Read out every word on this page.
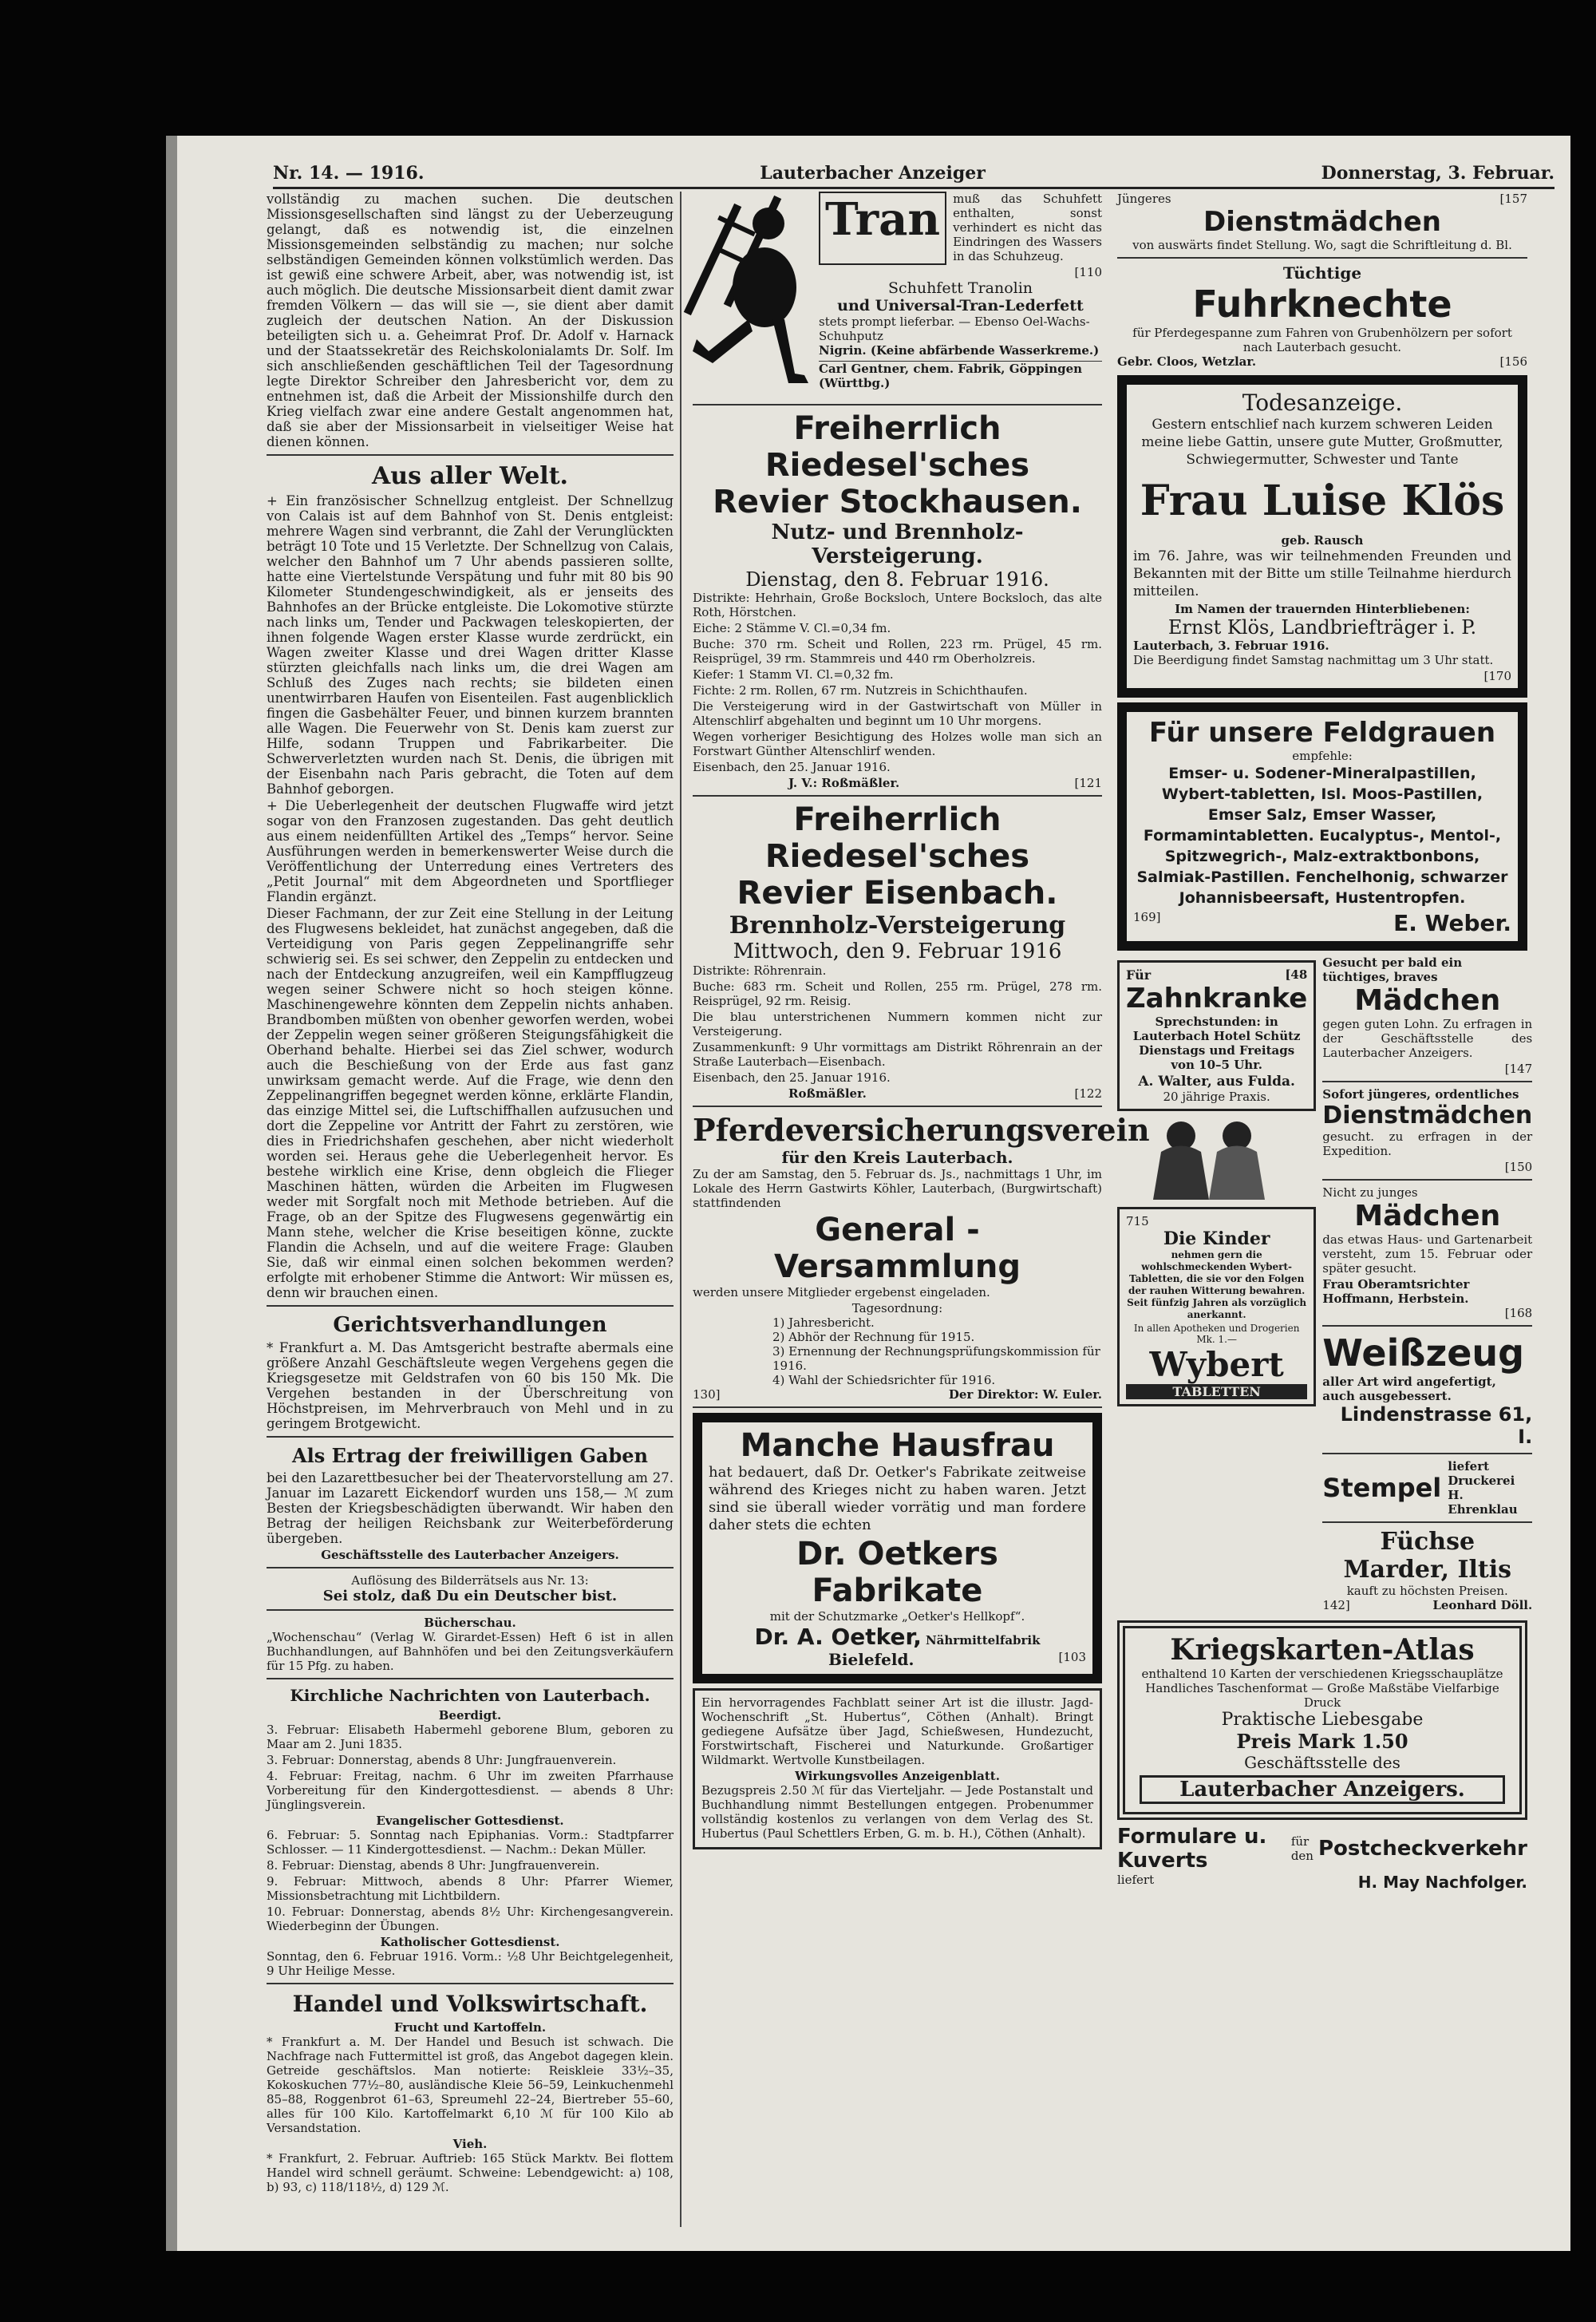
Nr. 14. — 1916.	Lauterbacher Anzeiger	Donnerstag, 3. Februar.

vollständig zu machen suchen. Die deutschen Missionsgesellschaften sind längst zu der Ueberzeugung gelangt, daß es notwendig ist, die einzelnen Missionsgemeinden selbständig zu machen; nur solche selbständigen Gemeinden können volkstümlich werden. Das ist gewiß eine schwere Arbeit, aber, was notwendig ist, ist auch möglich. Die deutsche Missionsarbeit dient damit zwar fremden Völkern — das will sie —, sie dient aber damit zugleich der deutschen Nation. An der Diskussion beteiligten sich u. a. Geheimrat Prof. Dr. Adolf v. Harnack und der Staatssekretär des Reichskolonialamts Dr. Solf. Im sich anschließenden geschäftlichen Teil der Tagesordnung legte Direktor Schreiber den Jahresbericht vor, dem zu entnehmen ist, daß die Arbeit der Missionshilfe durch den Krieg vielfach zwar eine andere Gestalt angenommen hat, daß sie aber der Missionsarbeit in vielseitiger Weise hat dienen können.

Aus aller Welt.

+ Ein französischer Schnellzug entgleist. Der Schnellzug von Calais ist auf dem Bahnhof von St. Denis entgleist: mehrere Wagen sind verbrannt, die Zahl der Verunglückten beträgt 10 Tote und 15 Verletzte. Der Schnellzug von Calais, welcher den Bahnhof um 7 Uhr abends passieren sollte, hatte eine Viertelstunde Verspätung und fuhr mit 80 bis 90 Kilometer Stundengeschwindigkeit, als er jenseits des Bahnhofes an der Brücke entgleiste. Die Lokomotive stürzte nach links um, Tender und Packwagen teleskopierten, der ihnen folgende Wagen erster Klasse wurde zerdrückt, ein Wagen zweiter Klasse und drei Wagen dritter Klasse stürzten gleichfalls nach links um, die drei Wagen am Schluß des Zuges nach rechts; sie bildeten einen unentwirrbaren Haufen von Eisenteilen. Fast augenblicklich fingen die Gasbehälter Feuer, und binnen kurzem brannten alle Wagen. Die Feuerwehr von St. Denis kam zuerst zur Hilfe, sodann Truppen und Fabrikarbeiter. Die Schwerverletzten wurden nach St. Denis, die übrigen mit der Eisenbahn nach Paris gebracht, die Toten auf dem Bahnhof geborgen.

+ Die Ueberlegenheit der deutschen Flugwaffe wird jetzt sogar von den Franzosen zugestanden. Das geht deutlich aus einem neidenfüllten Artikel des „Temps“ hervor. Seine Ausführungen werden in bemerkenswerter Weise durch die Veröffentlichung der Unterredung eines Vertreters des „Petit Journal“ mit dem Abgeordneten und Sportflieger Flandin ergänzt.

Dieser Fachmann, der zur Zeit eine Stellung in der Leitung des Flugwesens bekleidet, hat zunächst angegeben, daß die Verteidigung von Paris gegen Zeppelinangriffe sehr schwierig sei. Es sei schwer, den Zeppelin zu entdecken und nach der Entdeckung anzugreifen, weil ein Kampfflugzeug wegen seiner Schwere nicht so hoch steigen könne. Maschinengewehre könnten dem Zeppelin nichts anhaben. Brandbomben müßten von obenher geworfen werden, wobei der Zeppelin wegen seiner größeren Steigungsfähigkeit die Oberhand behalte. Hierbei sei das Ziel schwer, wodurch auch die Beschießung von der Erde aus fast ganz unwirksam gemacht werde. Auf die Frage, wie denn den Zeppelinangriffen begegnet werden könne, erklärte Flandin, das einzige Mittel sei, die Luftschiffhallen aufzusuchen und dort die Zeppeline vor Antritt der Fahrt zu zerstören, wie dies in Friedrichshafen geschehen, aber nicht wiederholt worden sei. Heraus gehe die Ueberlegenheit hervor. Es bestehe wirklich eine Krise, denn obgleich die Flieger Maschinen hätten, würden die Arbeiten im Flugwesen weder mit Sorgfalt noch mit Methode betrieben. Auf die Frage, ob an der Spitze des Flugwesens gegenwärtig ein Mann stehe, welcher die Krise beseitigen könne, zuckte Flandin die Achseln, und auf die weitere Frage: Glauben Sie, daß wir einmal einen solchen bekommen werden? erfolgte mit erhobener Stimme die Antwort: Wir müssen es, denn wir brauchen einen.

Gerichtsverhandlungen

* Frankfurt a. M. Das Amtsgericht bestrafte abermals eine größere Anzahl Geschäftsleute wegen Vergehens gegen die Kriegsgesetze mit Geldstrafen von 60 bis 150 Mk. Die Vergehen bestanden in der Überschreitung von Höchstpreisen, im Mehrverbrauch von Mehl und in zu geringem Brotgewicht.

Als Ertrag der freiwilligen Gaben

bei den Lazarettbesucher bei der Theatervorstellung am 27. Januar im Lazarett Eickendorf wurden uns 158,— ℳ zum Besten der Kriegsbeschädigten überwandt. Wir haben den Betrag der heiligen Reichsbank zur Weiterbeförderung übergeben.

Geschäftsstelle des Lauterbacher Anzeigers.
Auflösung des Bilderrätsels aus Nr. 13:
Sei stolz, daß Du ein Deutscher bist.
Bücherschau.

„Wochenschau“ (Verlag W. Girardet-Essen) Heft 6 ist in allen Buchhandlungen, auf Bahnhöfen und bei den Zeitungsverkäufern für 15 Pfg. zu haben.

Kirchliche Nachrichten von Lauterbach.
Beerdigt.

3. Februar: Elisabeth Habermehl geborene Blum, geboren zu Maar am 2. Juni 1835.

3. Februar: Donnerstag, abends 8 Uhr: Jungfrauenverein.

4. Februar: Freitag, nachm. 6 Uhr im zweiten Pfarrhause Vorbereitung für den Kindergottesdienst. — abends 8 Uhr: Jünglingsverein.

Evangelischer Gottesdienst.

6. Februar: 5. Sonntag nach Epiphanias. Vorm.: Stadtpfarrer Schlosser. — 11 Kindergottesdienst. — Nachm.: Dekan Müller.

8. Februar: Dienstag, abends 8 Uhr: Jungfrauenverein.

9. Februar: Mittwoch, abends 8 Uhr: Pfarrer Wiemer, Missionsbetrachtung mit Lichtbildern.

10. Februar: Donnerstag, abends 8½ Uhr: Kirchengesangverein. Wiederbeginn der Übungen.

Katholischer Gottesdienst.

Sonntag, den 6. Februar 1916. Vorm.: ½8 Uhr Beichtgelegenheit, 9 Uhr Heilige Messe.

Handel und Volkswirtschaft.
Frucht und Kartoffeln.

* Frankfurt a. M. Der Handel und Besuch ist schwach. Die Nachfrage nach Futtermittel ist groß, das Angebot dagegen klein. Getreide geschäftslos. Man notierte: Reiskleie 33½–35, Kokoskuchen 77½–80, ausländische Kleie 56–59, Leinkuchenmehl 85–88, Roggenbrot 61–63, Spreumehl 22–24, Biertreber 55–60, alles für 100 Kilo. Kartoffelmarkt 6,10 ℳ für 100 Kilo ab Versandstation.

Vieh.

* Frankfurt, 2. Februar. Auftrieb: 165 Stück Marktv. Bei flottem Handel wird schnell geräumt. Schweine: Lebendgewicht: a) 108, b) 93, c) 118/118½, d) 129 ℳ.

Tran	muß das Schuhfett enthalten, sonst verhindert es nicht das Eindringen des Wassers in das Schuhzeug.
[110
Schuhfett Tranolin
und Universal-Tran-Lederfett
stets prompt lieferbar. — Ebenso Oel-Wachs-Schuhputz
Nigrin. (Keine abfärbende Wasserkreme.)
Carl Gentner, chem. Fabrik, Göppingen (Württbg.)
Freiherrlich Riedesel'sches
Revier Stockhausen.
Nutz- und Brennholz-Versteigerung.
Dienstag, den 8. Februar 1916.

Distrikte: Hehrhain, Große Bocksloch, Untere Bocksloch, das alte Roth, Hörstchen.

Eiche: 2 Stämme V. Cl.=0,34 fm.

Buche: 370 rm. Scheit und Rollen, 223 rm. Prügel, 45 rm. Reisprügel, 39 rm. Stammreis und 440 rm Oberholzreis.

Kiefer: 1 Stamm VI. Cl.=0,32 fm.

Fichte: 2 rm. Rollen, 67 rm. Nutzreis in Schichthaufen.

Die Versteigerung wird in der Gastwirtschaft von Müller in Altenschlirf abgehalten und beginnt um 10 Uhr morgens.

Wegen vorheriger Besichtigung des Holzes wolle man sich an Forstwart Günther Altenschlirf wenden.

Eisenbach, den 25. Januar 1916.

J. V.: Roßmäßler.	[121
Freiherrlich Riedesel'sches
Revier Eisenbach.
Brennholz-Versteigerung
Mittwoch, den 9. Februar 1916

Distrikte: Röhrenrain.

Buche: 683 rm. Scheit und Rollen, 255 rm. Prügel, 278 rm. Reisprügel, 92 rm. Reisig.

Die blau unterstrichenen Nummern kommen nicht zur Versteigerung.

Zusammenkunft: 9 Uhr vormittags am Distrikt Röhrenrain an der Straße Lauterbach—Eisenbach.

Eisenbach, den 25. Januar 1916.

Roßmäßler.	[122
Pferdeversicherungsverein
für den Kreis Lauterbach.

Zu der am Samstag, den 5. Februar ds. Js., nachmittags 1 Uhr, im Lokale des Herrn Gastwirts Köhler, Lauterbach, (Burgwirtschaft) stattfindenden

General - Versammlung

werden unsere Mitglieder ergebenst eingeladen.

Tagesordnung:
1) Jahresbericht.
2) Abhör der Rechnung für 1915.
3) Ernennung der Rechnungsprüfungskommission für 1916.
4) Wahl der Schiedsrichter für 1916.
130]	Der Direktor: W. Euler.
Manche Hausfrau

hat bedauert, daß Dr. Oetker's Fabrikate zeitweise während des Krieges nicht zu haben waren. Jetzt sind sie überall wieder vorrätig und man fordere daher stets die echten

Dr. Oetkers Fabrikate
mit der Schutzmarke „Oetker's Hellkopf“.
Dr. A. Oetker, Nährmittelfabrik
Bielefeld.	[103

Ein hervorragendes Fachblatt seiner Art ist die illustr. Jagd- Wochenschrift „St. Hubertus“, Cöthen (Anhalt). Bringt gediegene Aufsätze über Jagd, Schießwesen, Hundezucht, Forstwirtschaft, Fischerei und Naturkunde. Großartiger Wildmarkt. Wertvolle Kunstbeilagen.

Wirkungsvolles Anzeigenblatt.

Bezugspreis 2.50 ℳ für das Vierteljahr. — Jede Postanstalt und Buchhandlung nimmt Bestellungen entgegen. Probenummer vollständig kostenlos zu verlangen von dem Verlag des St. Hubertus (Paul Schettlers Erben, G. m. b. H.), Cöthen (Anhalt).

Jüngeres	[157
Dienstmädchen
von auswärts findet Stellung. Wo, sagt die Schriftleitung d. Bl.
Tüchtige
Fuhrknechte
für Pferdegespanne zum Fahren von Grubenhölzern per sofort nach Lauterbach gesucht.
Gebr. Cloos, Wetzlar.	[156
Todesanzeige.

Gestern entschlief nach kurzem schweren Leiden meine liebe Gattin, unsere gute Mutter, Großmutter, Schwiegermutter, Schwester und Tante

Frau Luise Klös
geb. Rausch

im 76. Jahre, was wir teilnehmenden Freunden und Bekannten mit der Bitte um stille Teilnahme hierdurch mitteilen.

Im Namen der trauernden Hinterbliebenen:
Ernst Klös, Landbriefträger i. P.
Lauterbach, 3. Februar 1916.

Die Beerdigung findet Samstag nachmittag um 3 Uhr statt.

[170
Für unsere Feldgrauen
empfehle:

Emser- u. Sodener-Mineralpastillen, Wybert-tabletten, Isl. Moos-Pastillen, Emser Salz, Emser Wasser, Formamintabletten. Eucalyptus-, Mentol-, Spitzwegrich-, Malz-extraktbonbons, Salmiak-Pastillen. Fenchelhonig, schwarzer Johannisbeersaft, Hustentropfen.

169]	E. Weber.
Für	[48
Zahnkranke

Sprechstunden: in Lauterbach Hotel Schütz Dienstags und Freitags von 10–5 Uhr.

A. Walter, aus Fulda.
20 jährige Praxis.
715
Die Kinder

nehmen gern die wohlschmeckenden Wybert-Tabletten, die sie vor den Folgen der rauhen Witterung bewahren. Seit fünfzig Jahren als vorzüglich anerkannt.

In allen Apotheken und Drogerien Mk. 1.—
Wybert
TABLETTEN
Gesucht per bald ein tüchtiges, braves
Mädchen

gegen guten Lohn. Zu erfragen in der Geschäftsstelle des Lauterbacher Anzeigers.

[147
Sofort jüngeres, ordentliches
Dienstmädchen

gesucht. zu erfragen in der Expedition.

[150
Nicht zu junges
Mädchen

das etwas Haus- und Gartenarbeit versteht, zum 15. Februar oder später gesucht.

Frau Oberamtsrichter Hoffmann, Herbstein.
[168
Weißzeug
aller Art wird angefertigt, auch ausgebessert.
Lindenstrasse 61, I.
Stempel
liefert Druckerei H. Ehrenklau
Füchse
Marder, Iltis
kauft zu höchsten Preisen.
142]	Leonhard Döll.
Kriegskarten-Atlas
enthaltend 10 Karten der verschiedenen Kriegsschauplätze
Handliches Taschenformat — Große Maßstäbe Vielfarbige Druck
Praktische Liebesgabe
Preis Mark 1.50
Geschäftsstelle des
Lauterbacher Anzeigers.
Formulare u. Kuverts
für den Postcheckverkehr
liefert	H. May Nachfolger.
